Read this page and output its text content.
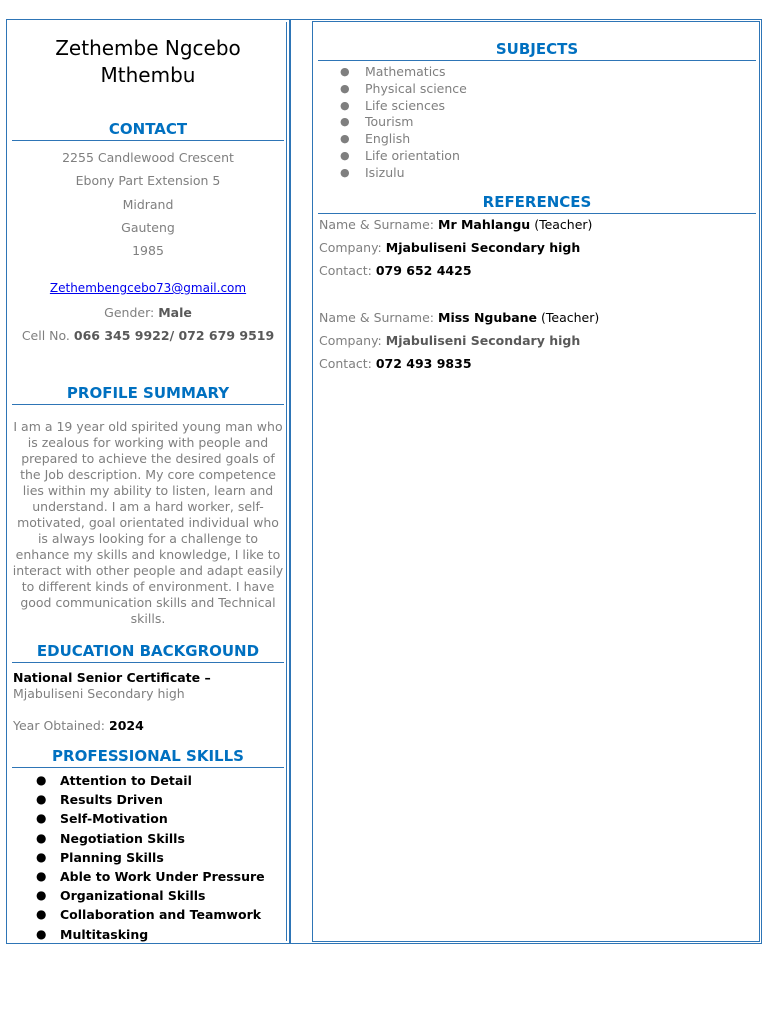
Zethembe Ngcebo
Mthembu
CONTACT
2255 Candlewood Crescent
Ebony Part Extension 5
Midrand
Gauteng
1985
Zethembengcebo73@gmail.com
Gender: Male
Cell No. 066 345 9922/ 072 679 9519
PROFILE SUMMARY
I am a 19 year old spirited young man who is zealous for working with people and prepared to achieve the desired goals of the Job description. My core competence lies within my ability to listen, learn and understand. I am a hard worker, self-motivated, goal orientated individual who is always looking for a challenge to enhance my skills and knowledge, I like to interact with other people and adapt easily to different kinds of environment. I have good communication skills and Technical skills.
EDUCATION BACKGROUND
National Senior Certificate – Mjabuliseni Secondary high
Year Obtained: 2024
PROFESSIONAL SKILLS
● Attention to Detail
● Results Driven
● Self-Motivation
● Negotiation Skills
● Planning Skills
● Able to Work Under Pressure
● Organizational Skills
● Collaboration and Teamwork
● Multitasking
SUBJECTS
● Mathematics
● Physical science
● Life sciences
● Tourism
● English
● Life orientation
● Isizulu
REFERENCES
Name & Surname: Mr Mahlangu (Teacher)
Company: Mjabuliseni Secondary high
Contact: 079 652 4425
Name & Surname: Miss Ngubane (Teacher)
Company: Mjabuliseni Secondary high
Contact: 072 493 9835
